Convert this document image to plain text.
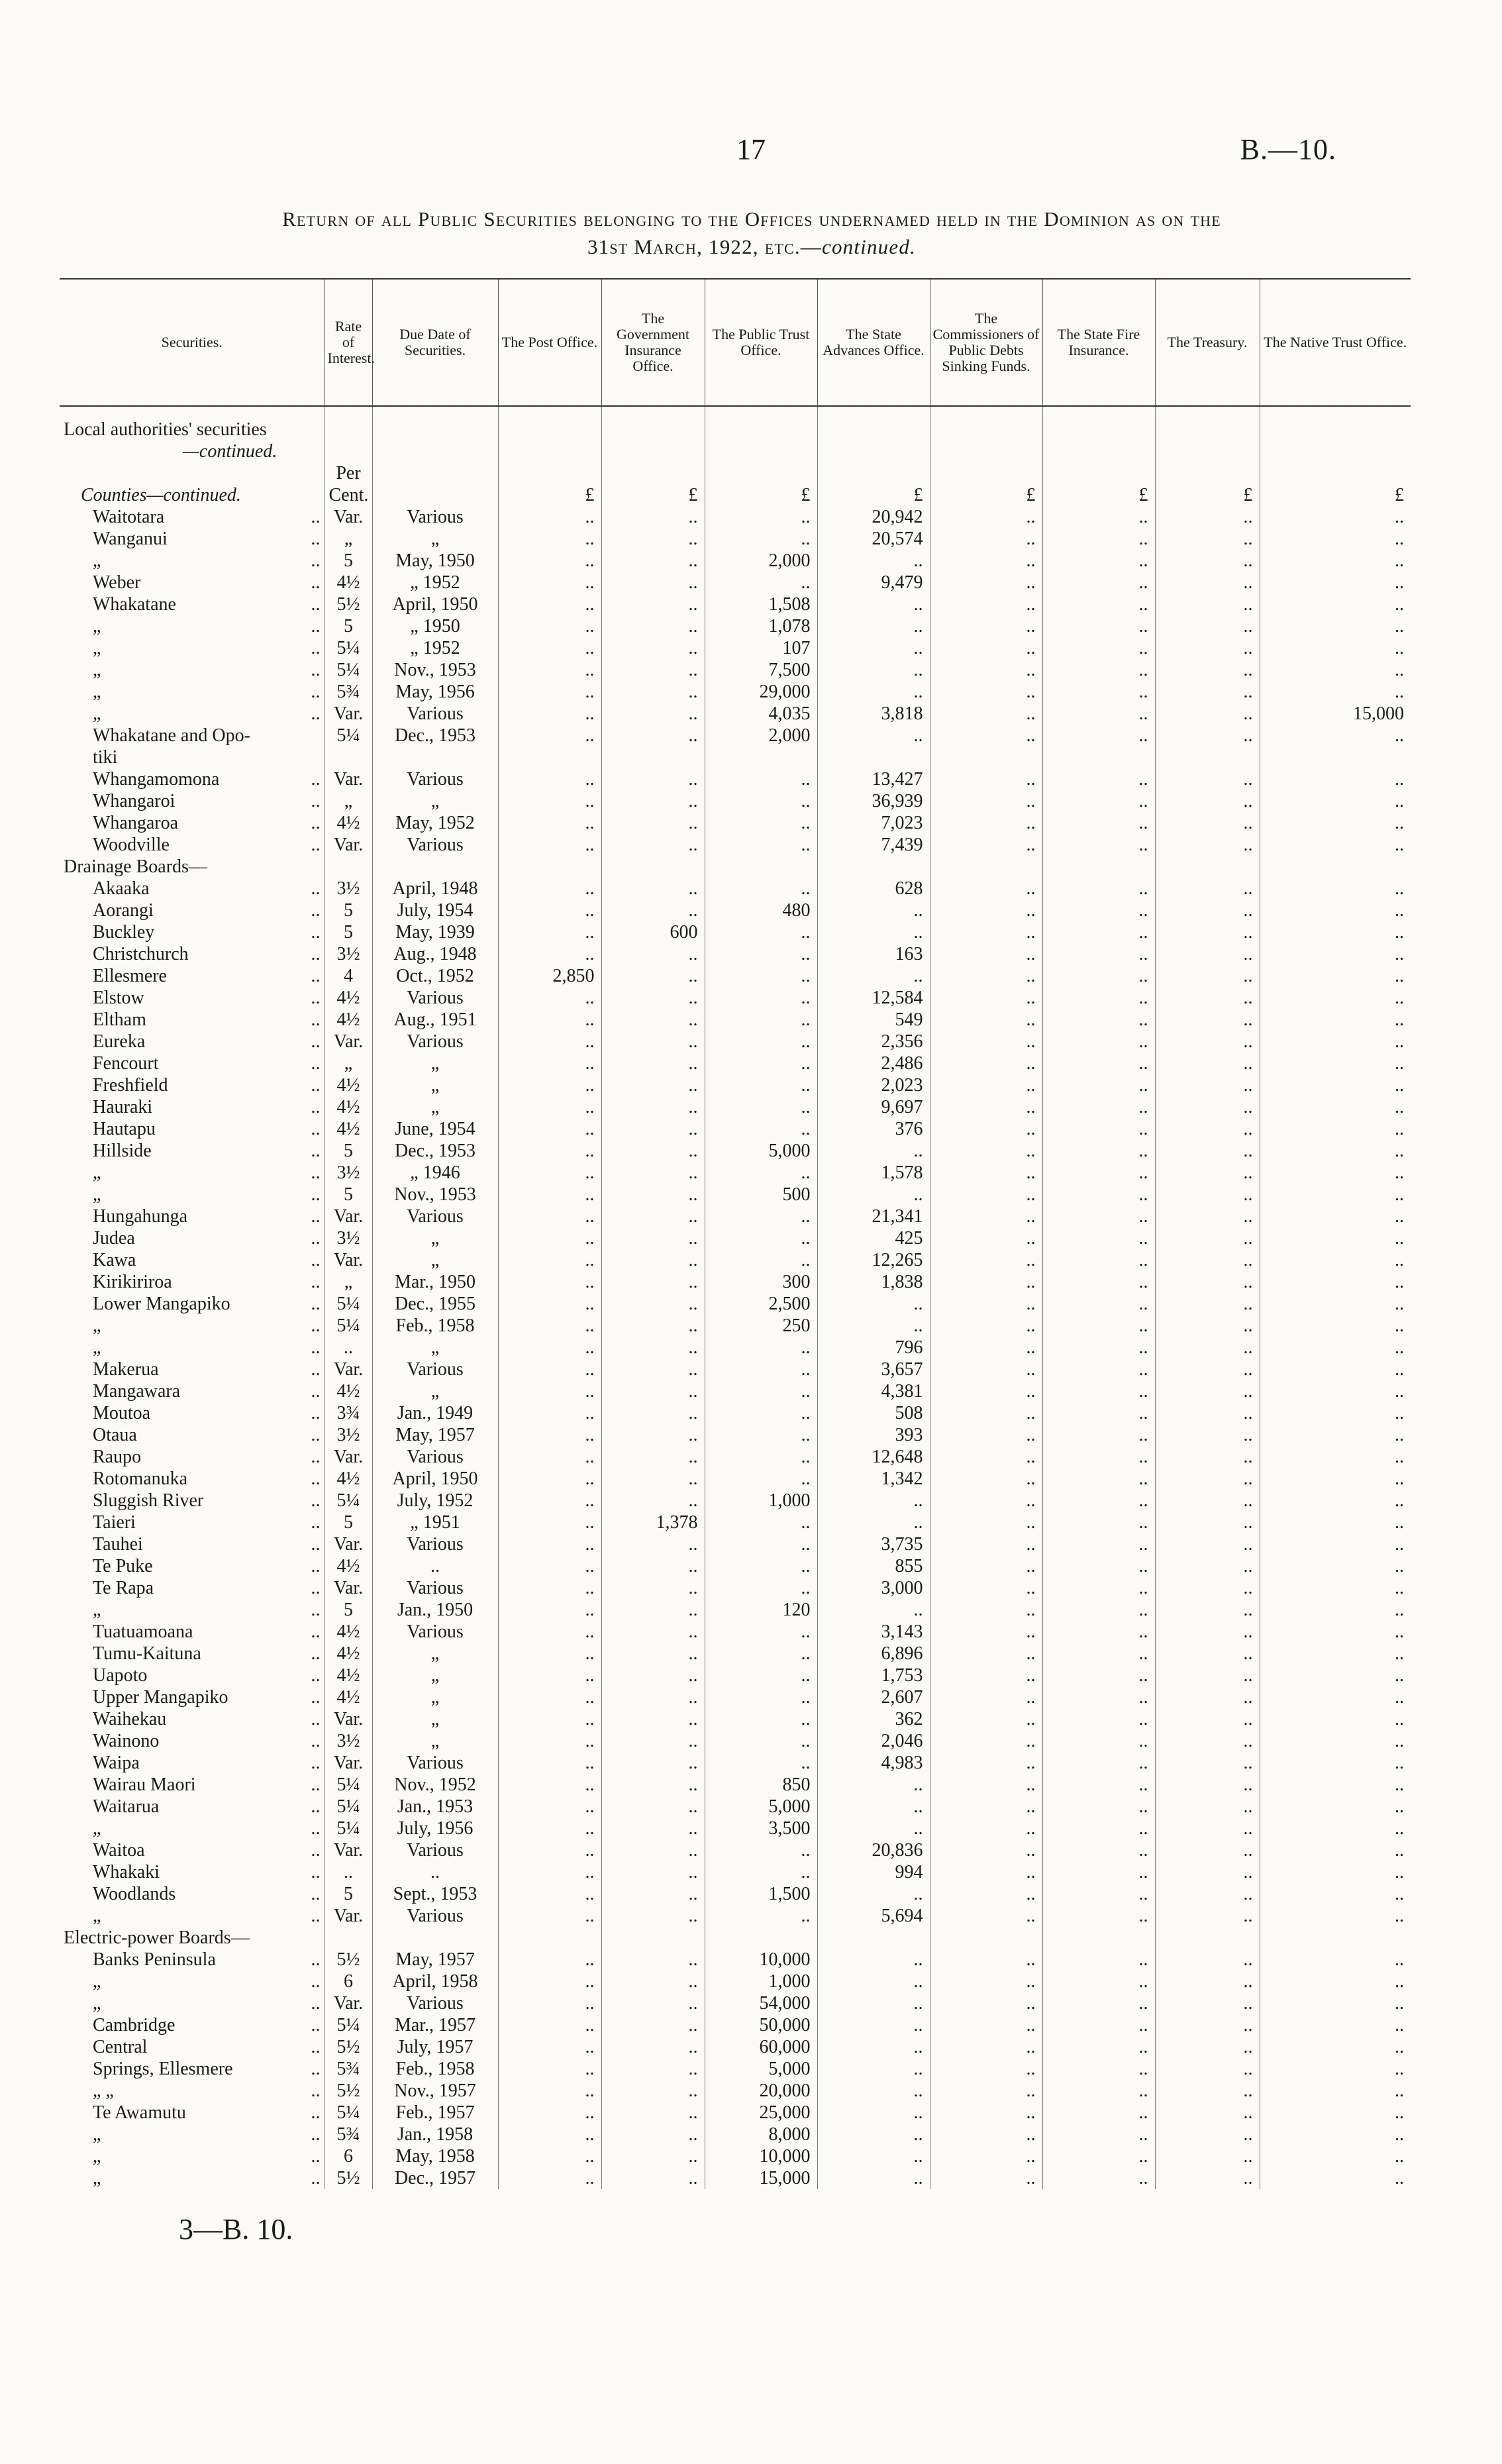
17	B.—10.
Return of all Public Securities belonging to the Offices undernamed held in the Dominion as on the
31st March, 1922, etc.—continued.
Securities.	Rate of Interest.	Due Date of Securities.	The Post Office.	The Government Insurance Office.	The Public Trust Office.	The State Advances Office.	The Commissioners of Public Debts Sinking Funds.	The State Fire Insurance.	The Treasury.	The Native Trust Office.

Local authorities' securities										
—continued.										
	Per									
Counties—continued.	Cent.		£	£	£	£	£	£	£	£
Waitotara ..	Var.	Various	..	..	..	20,942	..	..	..	..
Wanganui ..	„	„	..	..	..	20,574	..	..	..	..
„ ..	5	May, 1950	..	..	2,000	..	..	..	..	..
Weber ..	4½	„ 1952	..	..	..	9,479	..	..	..	..
Whakatane ..	5½	April, 1950	..	..	1,508	..	..	..	..	..
„ ..	5	„ 1950	..	..	1,078	..	..	..	..	..
„ ..	5¼	„ 1952	..	..	107	..	..	..	..	..
„ ..	5¼	Nov., 1953	..	..	7,500	..	..	..	..	..
„ ..	5¾	May, 1956	..	..	29,000	..	..	..	..	..
„ ..	Var.	Various	..	..	4,035	3,818	..	..	..	15,000
Whakatane and Opo-	5¼	Dec., 1953	..	..	2,000	..	..	..	..	..
tiki										
Whangamomona ..	Var.	Various	..	..	..	13,427	..	..	..	..
Whangaroi ..	„	„	..	..	..	36,939	..	..	..	..
Whangaroa ..	4½	May, 1952	..	..	..	7,023	..	..	..	..
Woodville ..	Var.	Various	..	..	..	7,439	..	..	..	..
Drainage Boards—										
Akaaka ..	3½	April, 1948	..	..	..	628	..	..	..	..
Aorangi ..	5	July, 1954	..	..	480	..	..	..	..	..
Buckley ..	5	May, 1939	..	600	..	..	..	..	..	..
Christchurch ..	3½	Aug., 1948	..	..	..	163	..	..	..	..
Ellesmere ..	4	Oct., 1952	2,850	..	..	..	..	..	..	..
Elstow ..	4½	Various	..	..	..	12,584	..	..	..	..
Eltham ..	4½	Aug., 1951	..	..	..	549	..	..	..	..
Eureka ..	Var.	Various	..	..	..	2,356	..	..	..	..
Fencourt ..	„	„	..	..	..	2,486	..	..	..	..
Freshfield ..	4½	„	..	..	..	2,023	..	..	..	..
Hauraki ..	4½	„	..	..	..	9,697	..	..	..	..
Hautapu ..	4½	June, 1954	..	..	..	376	..	..	..	..
Hillside ..	5	Dec., 1953	..	..	5,000	..	..	..	..	..
„ ..	3½	„ 1946	..	..	..	1,578	..	..	..	..
„ ..	5	Nov., 1953	..	..	500	..	..	..	..	..
Hungahunga ..	Var.	Various	..	..	..	21,341	..	..	..	..
Judea ..	3½	„	..	..	..	425	..	..	..	..
Kawa ..	Var.	„	..	..	..	12,265	..	..	..	..
Kirikiriroa ..	„	Mar., 1950	..	..	300	1,838	..	..	..	..
Lower Mangapiko ..	5¼	Dec., 1955	..	..	2,500	..	..	..	..	..
„ ..	5¼	Feb., 1958	..	..	250	..	..	..	..	..
„ ..	..	„	..	..	..	796	..	..	..	..
Makerua ..	Var.	Various	..	..	..	3,657	..	..	..	..
Mangawara ..	4½	„	..	..	..	4,381	..	..	..	..
Moutoa ..	3¾	Jan., 1949	..	..	..	508	..	..	..	..
Otaua ..	3½	May, 1957	..	..	..	393	..	..	..	..
Raupo ..	Var.	Various	..	..	..	12,648	..	..	..	..
Rotomanuka ..	4½	April, 1950	..	..	..	1,342	..	..	..	..
Sluggish River ..	5¼	July, 1952	..	..	1,000	..	..	..	..	..
Taieri ..	5	„ 1951	..	1,378	..	..	..	..	..	..
Tauhei ..	Var.	Various	..	..	..	3,735	..	..	..	..
Te Puke ..	4½	..	..	..	..	855	..	..	..	..
Te Rapa ..	Var.	Various	..	..	..	3,000	..	..	..	..
„ ..	5	Jan., 1950	..	..	120	..	..	..	..	..
Tuatuamoana ..	4½	Various	..	..	..	3,143	..	..	..	..
Tumu-Kaituna ..	4½	„	..	..	..	6,896	..	..	..	..
Uapoto ..	4½	„	..	..	..	1,753	..	..	..	..
Upper Mangapiko ..	4½	„	..	..	..	2,607	..	..	..	..
Waihekau ..	Var.	„	..	..	..	362	..	..	..	..
Wainono ..	3½	„	..	..	..	2,046	..	..	..	..
Waipa ..	Var.	Various	..	..	..	4,983	..	..	..	..
Wairau Maori ..	5¼	Nov., 1952	..	..	850	..	..	..	..	..
Waitarua ..	5¼	Jan., 1953	..	..	5,000	..	..	..	..	..
„ ..	5¼	July, 1956	..	..	3,500	..	..	..	..	..
Waitoa ..	Var.	Various	..	..	..	20,836	..	..	..	..
Whakaki ..	..	..	..	..	..	994	..	..	..	..
Woodlands ..	5	Sept., 1953	..	..	1,500	..	..	..	..	..
„ ..	Var.	Various	..	..	..	5,694	..	..	..	..
Electric-power Boards—										
Banks Peninsula ..	5½	May, 1957	..	..	10,000	..	..	..	..	..
„ ..	6	April, 1958	..	..	1,000	..	..	..	..	..
„ ..	Var.	Various	..	..	54,000	..	..	..	..	..
Cambridge ..	5¼	Mar., 1957	..	..	50,000	..	..	..	..	..
Central ..	5½	July, 1957	..	..	60,000	..	..	..	..	..
Springs, Ellesmere ..	5¾	Feb., 1958	..	..	5,000	..	..	..	..	..
„ „ ..	5½	Nov., 1957	..	..	20,000	..	..	..	..	..
Te Awamutu ..	5¼	Feb., 1957	..	..	25,000	..	..	..	..	..
„ ..	5¾	Jan., 1958	..	..	8,000	..	..	..	..	..
„ ..	6	May, 1958	..	..	10,000	..	..	..	..	..
„ ..	5½	Dec., 1957	..	..	15,000	..	..	..	..	..
3—B. 10.
